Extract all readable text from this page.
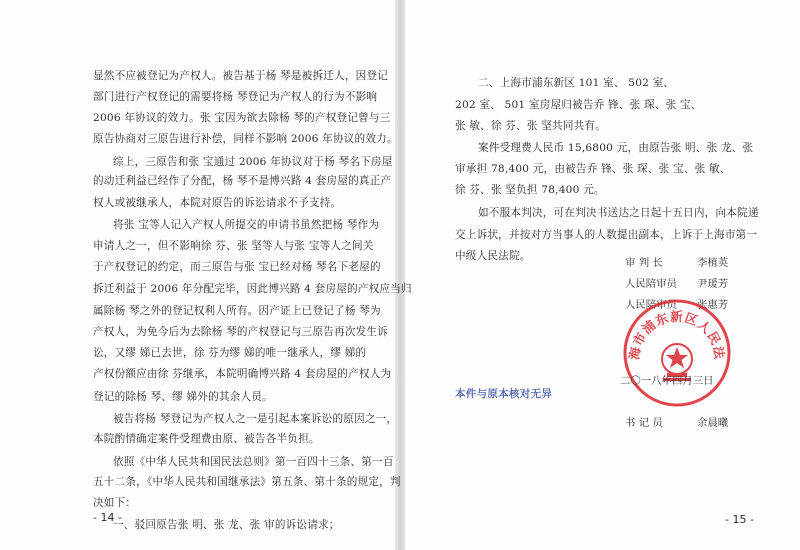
显然不应被登记为产权人。被告基于杨 琴是被拆迁人，因登记
部门进行产权登记的需要将杨 琴登记为产权人的行为不影响
2006 年协议的效力。张 宝因为欲去除杨 琴的产权登记曾与三
原告协商对三原告进行补偿，同样不影响 2006 年协议的效力。
综上，三原告和张 宝通过 2006 年协议对于杨 琴名下房屋
的动迁利益已经作了分配，杨 琴不是博兴路 4 套房屋的真正产
权人或被继承人，本院对原告的诉讼请求不予支持。
将张 宝等人记入产权人所提交的申请书虽然把杨 琴作为
申请人之一，但不影响徐 芬、张 坚等人与张 宝等人之间关
于产权登记的约定，而三原告与张 宝已经对杨 琴名下老屋的
拆迁利益于 2006 年分配完毕，因此博兴路 4 套房屋的产权应当归
属除杨 琴之外的登记权利人所有。因产证上已登记了杨 琴为
产权人，为免今后为去除杨 琴的产权登记与三原告再次发生诉
讼，又缪 娣已去世，徐 芬为缪 娣的唯一继承人，缪 娣的
产权份额应由徐 芬继承，本院明确博兴路 4 套房屋的产权人为
登记的除杨 琴、缪 娣外的其余人员。
被告将杨 琴登记为产权人之一是引起本案诉讼的原因之一，
本院酌情确定案件受理费由原、被告各半负担。
依照《中华人民共和国民法总则》第一百四十三条、第一百
五十二条，《中华人民共和国继承法》第五条、第十条的规定，判
决如下：
一、驳回原告张 明、张 龙、张 审的诉讼请求；
- 14 -
二、上海市浦东新区 101 室、 502 室、
202 室、 501 室房屋归被告乔 锋、张 琛、张 宝、
张 敏、徐 芬、张 坚共同共有。
案件受理费人民币 15,6800 元，由原告张 明、张 龙、张
审承担 78,400 元，由被告乔 锋、张 琛、张 宝、张 敏、
徐 芬、张 坚负担 78,400 元。
如不服本判决，可在判决书送达之日起十五日内，向本院递
交上诉状，并按对方当事人的人数提出副本，上诉于上海市第一
中级人民法院。
审 判 长	李植英
人民陪审员 尹瑗芳
人民陪审员 张惠芳
海市浦东新区人民法
二〇一八年四月三日
本件与原本核对无异
书 记 员	余晨曦
- 15 -
